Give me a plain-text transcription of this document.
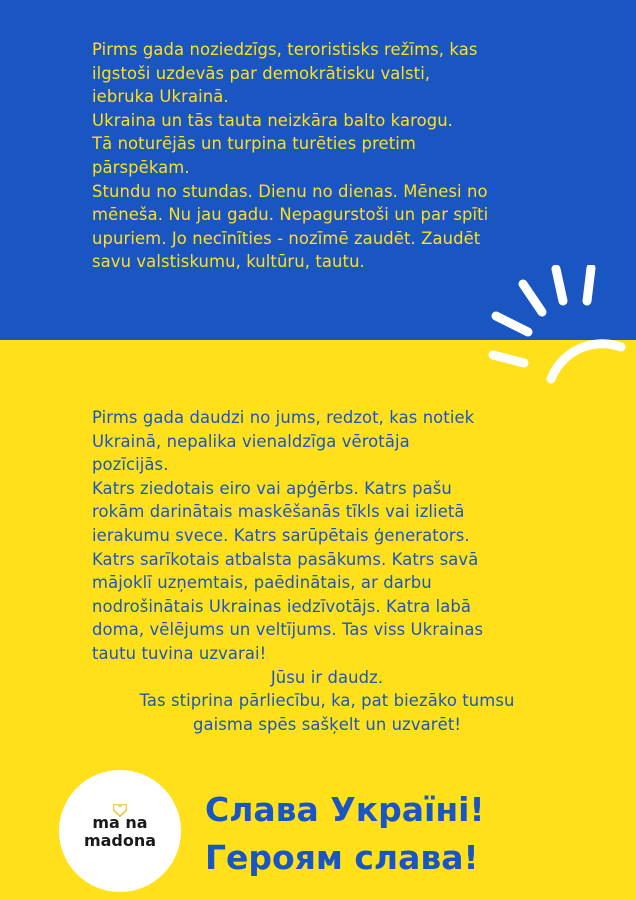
Pirms gada noziedzīgs, teroristisks režīms, kas
ilgstoši uzdevās par demokrātisku valsti,
iebruka Ukrainā.
Ukraina un tās tauta neizkāra balto karogu.
Tā noturējās un turpina turēties pretim
pārspēkam.
Stundu no stundas. Dienu no dienas. Mēnesi no
mēneša. Nu jau gadu. Nepagurstoši un par spīti
upuriem. Jo necīnīties - nozīmē zaudēt. Zaudēt
savu valstiskumu, kultūru, tautu.
Pirms gada daudzi no jums, redzot, kas notiek
Ukrainā, nepalika vienaldzīga vērotāja
pozīcijās.
Katrs ziedotais eiro vai apģērbs. Katrs pašu
rokām darinātais maskēšanās tīkls vai izlietā
ierakumu svece. Katrs sarūpētais ģenerators.
Katrs sarīkotais atbalsta pasākums. Katrs savā
mājoklī uzņemtais, paēdinātais, ar darbu
nodrošinātais Ukrainas iedzīvotājs. Katra labā
doma, vēlējums un veltījums. Tas viss Ukrainas
tautu tuvina uzvarai!
Jūsu ir daudz.
Tas stiprina pārliecību, ka, pat biezāko tumsu
gaisma spēs sašķelt un uzvarēt!
ma na
madona
Слава Україні!
Героям слава!
